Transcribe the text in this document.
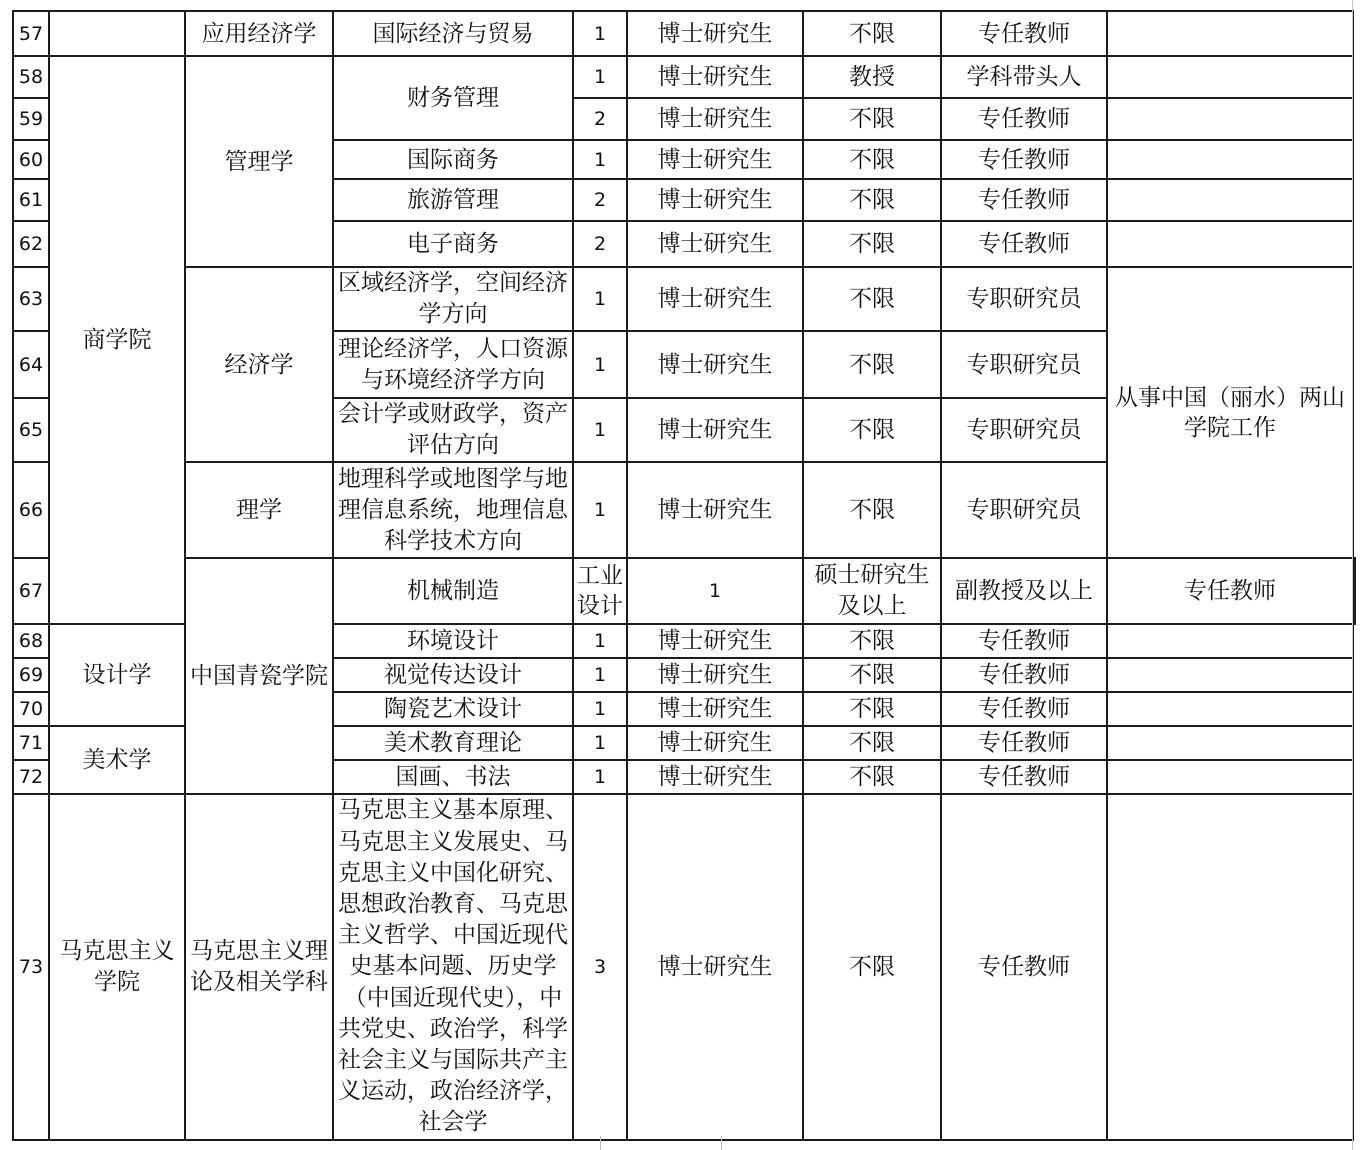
57		应用经济学	国际经济与贸易	1	博士研究生	不限	专任教师		
58	商学院	管理学	财务管理	1	博士研究生	教授	学科带头人		
59				2	博士研究生	不限	专任教师		
60			国际商务	1	博士研究生	不限	专任教师		
61			旅游管理	2	博士研究生	不限	专任教师		
62			电子商务	2	博士研究生	不限	专任教师		
63		经济学	区域经济学，空间经济学方向	1	博士研究生	不限	专职研究员	从事中国（丽水）两山学院工作	
64			理论经济学，人口资源与环境经济学方向	1	博士研究生	不限	专职研究员		
65			会计学或财政学，资产评估方向	1	博士研究生	不限	专职研究员		
66		理学	地理科学或地图学与地理信息系统，地理信息科学技术方向	1	博士研究生	不限	专职研究员		
67		中国青瓷学院	机械制造	工业设计	1	硕士研究生及以上	副教授及以上	专任教师	
68	设计学		环境设计	1	博士研究生	不限	专任教师		
69			视觉传达设计	1	博士研究生	不限	专任教师		
70			陶瓷艺术设计	1	博士研究生	不限	专任教师		
71	美术学		美术教育理论	1	博士研究生	不限	专任教师		
72			国画、书法	1	博士研究生	不限	专任教师		
73	马克思主义学院	马克思主义理论及相关学科	马克思主义基本原理、马克思主义发展史、马克思主义中国化研究、思想政治教育、马克思主义哲学、中国近现代史基本问题、历史学（中国近现代史），中共党史、政治学，科学社会主义与国际共产主义运动，政治经济学，社会学	3	博士研究生	不限	专任教师		
